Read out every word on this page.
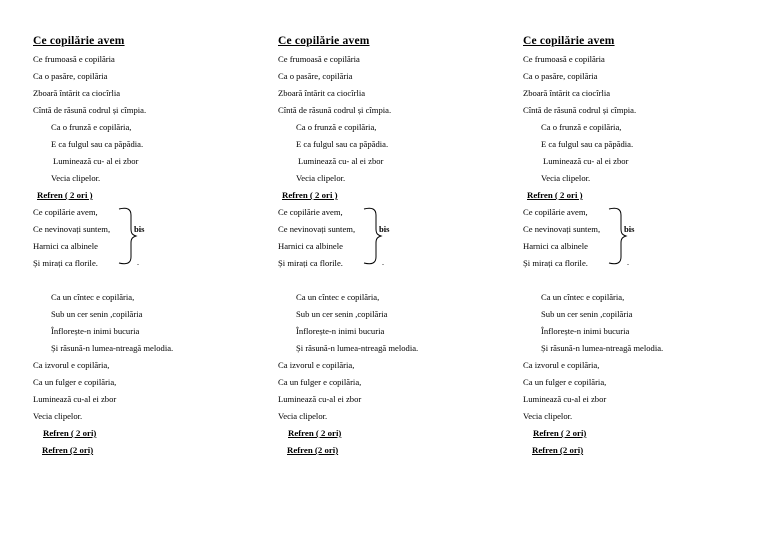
Ce copilărie avem
Ce frumoasă e copilăria
Ca o pasăre, copilăria
Zboară întărit ca ciocîrlia
Cîntă de răsună codrul și cîmpia.
Ca o frunză e copilăria,
E ca fulgul sau ca păpădia.
Luminează cu- al ei zbor
Vecia clipelor.
Refren ( 2 ori )
Ce copilărie avem,
Ce nevinovați suntem,
Harnici ca albinele
Și mirați ca florile.
bis
.
Ca un cîntec e copilăria,
Sub un cer senin ,copilăria
Înflorește-n inimi bucuria
Și răsună-n lumea-ntreagă melodia.
Ca izvorul e copilăria,
Ca un fulger e copilăria,
Luminează cu-al ei zbor
Vecia clipelor.
Refren ( 2 ori)
Refren (2 ori)
Ce copilărie avem
Ce frumoasă e copilăria
Ca o pasăre, copilăria
Zboară întărit ca ciocîrlia
Cîntă de răsună codrul și cîmpia.
Ca o frunză e copilăria,
E ca fulgul sau ca păpădia.
Luminează cu- al ei zbor
Vecia clipelor.
Refren ( 2 ori )
Ce copilărie avem,
Ce nevinovați suntem,
Harnici ca albinele
Și mirați ca florile.
bis
.
Ca un cîntec e copilăria,
Sub un cer senin ,copilăria
Înflorește-n inimi bucuria
Și răsună-n lumea-ntreagă melodia.
Ca izvorul e copilăria,
Ca un fulger e copilăria,
Luminează cu-al ei zbor
Vecia clipelor.
Refren ( 2 ori)
Refren (2 ori)
Ce copilărie avem
Ce frumoasă e copilăria
Ca o pasăre, copilăria
Zboară întărit ca ciocîrlia
Cîntă de răsună codrul și cîmpia.
Ca o frunză e copilăria,
E ca fulgul sau ca păpădia.
Luminează cu- al ei zbor
Vecia clipelor.
Refren ( 2 ori )
Ce copilărie avem,
Ce nevinovați suntem,
Harnici ca albinele
Și mirați ca florile.
bis
.
Ca un cîntec e copilăria,
Sub un cer senin ,copilăria
Înflorește-n inimi bucuria
Și răsună-n lumea-ntreagă melodia.
Ca izvorul e copilăria,
Ca un fulger e copilăria,
Luminează cu-al ei zbor
Vecia clipelor.
Refren ( 2 ori)
Refren (2 ori)
